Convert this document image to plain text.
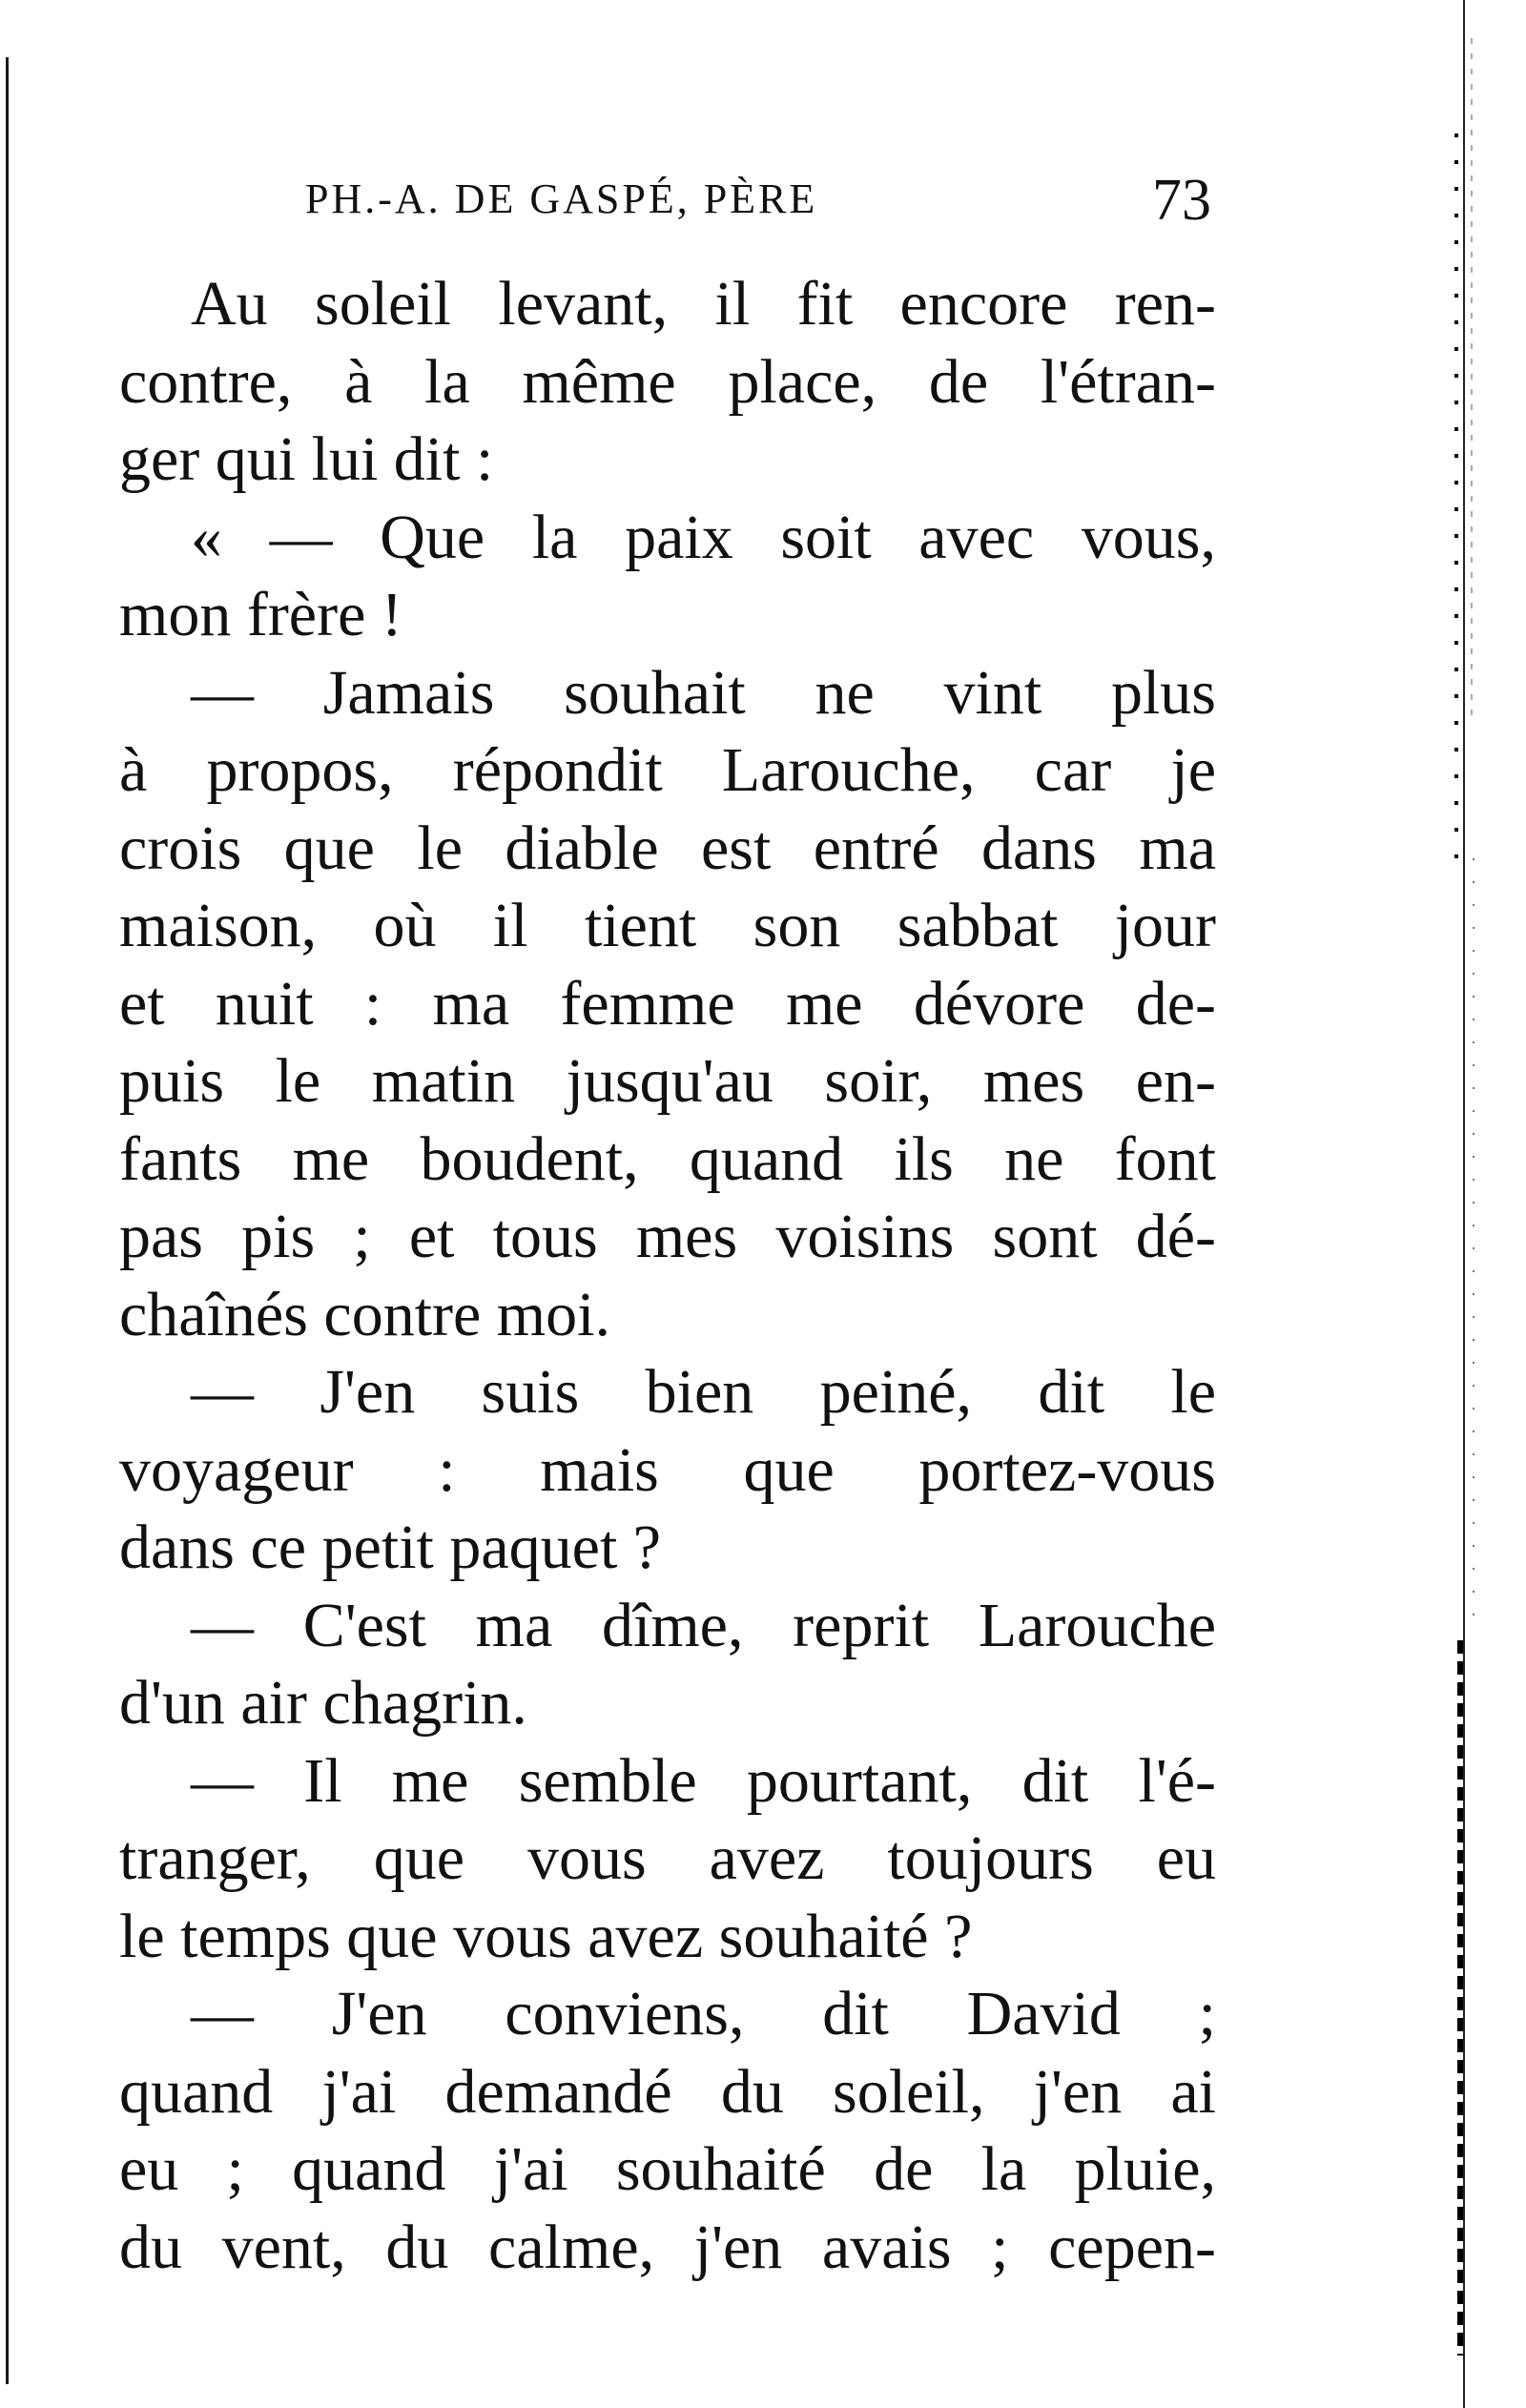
PH.-A. DE GASPÉ, PÈRE	73
Au soleil levant, il fit encore ren-
contre, à la même place, de l'étran-
ger qui lui dit :
« — Que la paix soit avec vous,
mon frère !
— Jamais souhait ne vint plus
à propos, répondit Larouche, car je
crois que le diable est entré dans ma
maison, où il tient son sabbat jour
et nuit : ma femme me dévore de-
puis le matin jusqu'au soir, mes en-
fants me boudent, quand ils ne font
pas pis ; et tous mes voisins sont dé-
chaînés contre moi.
— J'en suis bien peiné, dit le
voyageur : mais que portez-vous
dans ce petit paquet ?
— C'est ma dîme, reprit Larouche
d'un air chagrin.
— Il me semble pourtant, dit l'é-
tranger, que vous avez toujours eu
le temps que vous avez souhaité ?
— J'en conviens, dit David ;
quand j'ai demandé du soleil, j'en ai
eu ; quand j'ai souhaité de la pluie,
du vent, du calme, j'en avais ; cepen-
